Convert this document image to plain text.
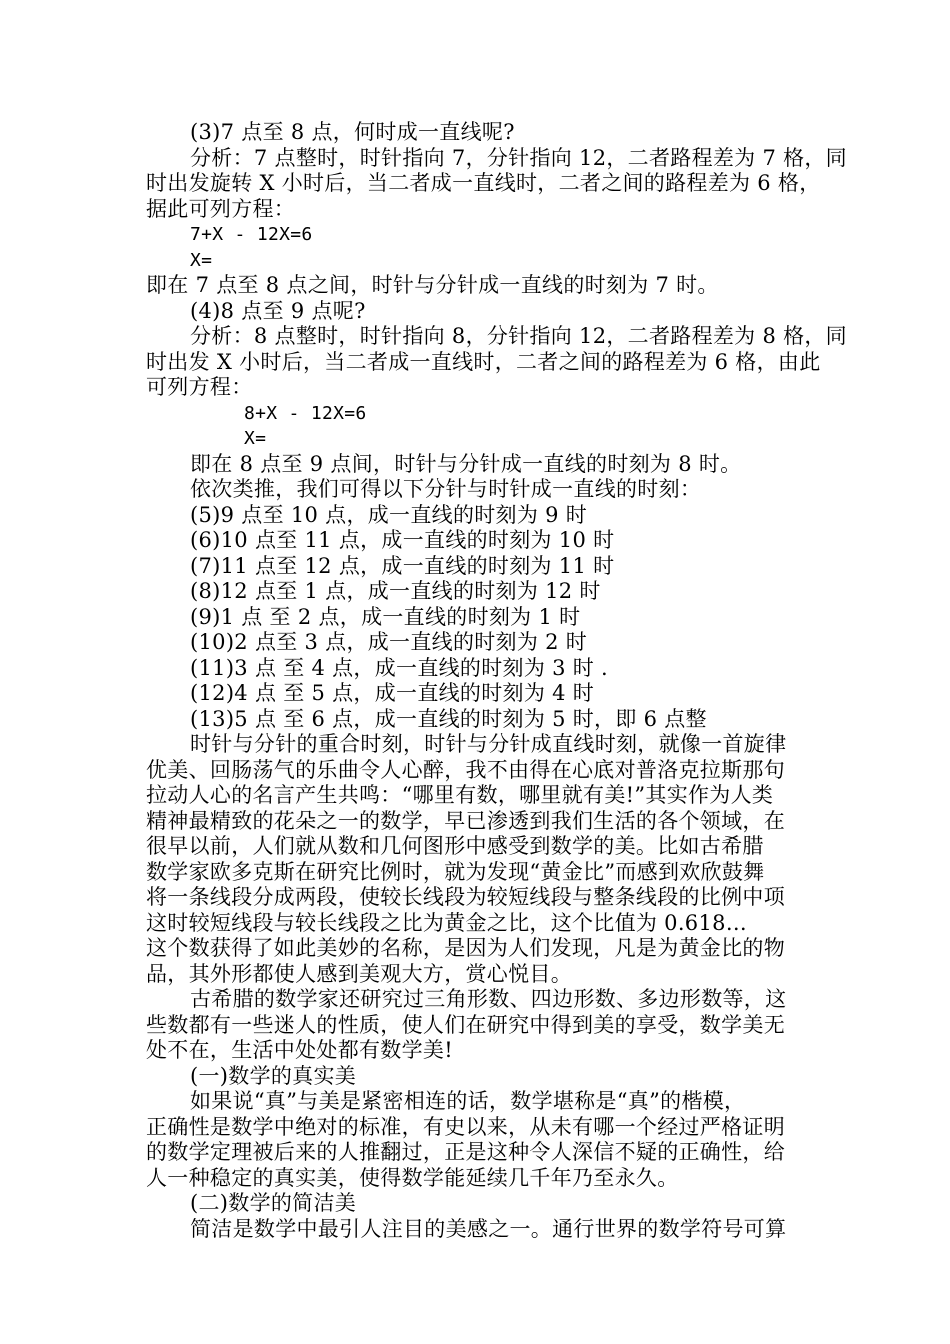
(3)7 点至 8 点，何时成一直线呢?
分析：7 点整时，时针指向 7，分针指向 12，二者路程差为 7 格，同
时出发旋转 X 小时后，当二者成一直线时，二者之间的路程差为 6 格，
据此可列方程：
7+X - 12X=6
X=
即在 7 点至 8 点之间，时针与分针成一直线的时刻为 7 时。
(4)8 点至 9 点呢?
分析：8 点整时，时针指向 8，分针指向 12，二者路程差为 8 格，同
时出发 X 小时后，当二者成一直线时，二者之间的路程差为 6 格，由此
可列方程：
8+X - 12X=6
X=
即在 8 点至 9 点间，时针与分针成一直线的时刻为 8 时。
依次类推，我们可得以下分针与时针成一直线的时刻：
(5)9 点至 10 点，成一直线的时刻为 9 时
(6)10 点至 11 点，成一直线的时刻为 10 时
(7)11 点至 12 点，成一直线的时刻为 11 时
(8)12 点至 1 点，成一直线的时刻为 12 时
(9)1 点 至 2 点，成一直线的时刻为 1 时
(10)2 点至 3 点，成一直线的时刻为 2 时
(11)3 点 至 4 点，成一直线的时刻为 3 时 .
(12)4 点 至 5 点，成一直线的时刻为 4 时
(13)5 点 至 6 点，成一直线的时刻为 5 时，即 6 点整
时针与分针的重合时刻，时针与分针成直线时刻，就像一首旋律
优美、回肠荡气的乐曲令人心醉，我不由得在心底对普洛克拉斯那句
拉动人心的名言产生共鸣：“哪里有数，哪里就有美!”其实作为人类
精神最精致的花朵之一的数学，早已渗透到我们生活的各个领域，在
很早以前，人们就从数和几何图形中感受到数学的美。比如古希腊
数学家欧多克斯在研究比例时，就为发现“黄金比”而感到欢欣鼓舞
将一条线段分成两段，使较长线段为较短线段与整条线段的比例中项
这时较短线段与较长线段之比为黄金之比，这个比值为 0.618…
这个数获得了如此美妙的名称，是因为人们发现，凡是为黄金比的物
品，其外形都使人感到美观大方，赏心悦目。
古希腊的数学家还研究过三角形数、四边形数、多边形数等，这
些数都有一些迷人的性质，使人们在研究中得到美的享受，数学美无
处不在，生活中处处都有数学美!
(一)数学的真实美
如果说“真”与美是紧密相连的话，数学堪称是“真”的楷模，
正确性是数学中绝对的标准，有史以来，从未有哪一个经过严格证明
的数学定理被后来的人推翻过，正是这种令人深信不疑的正确性，给
人一种稳定的真实美，使得数学能延续几千年乃至永久。
(二)数学的简洁美
简洁是数学中最引人注目的美感之一。通行世界的数学符号可算
